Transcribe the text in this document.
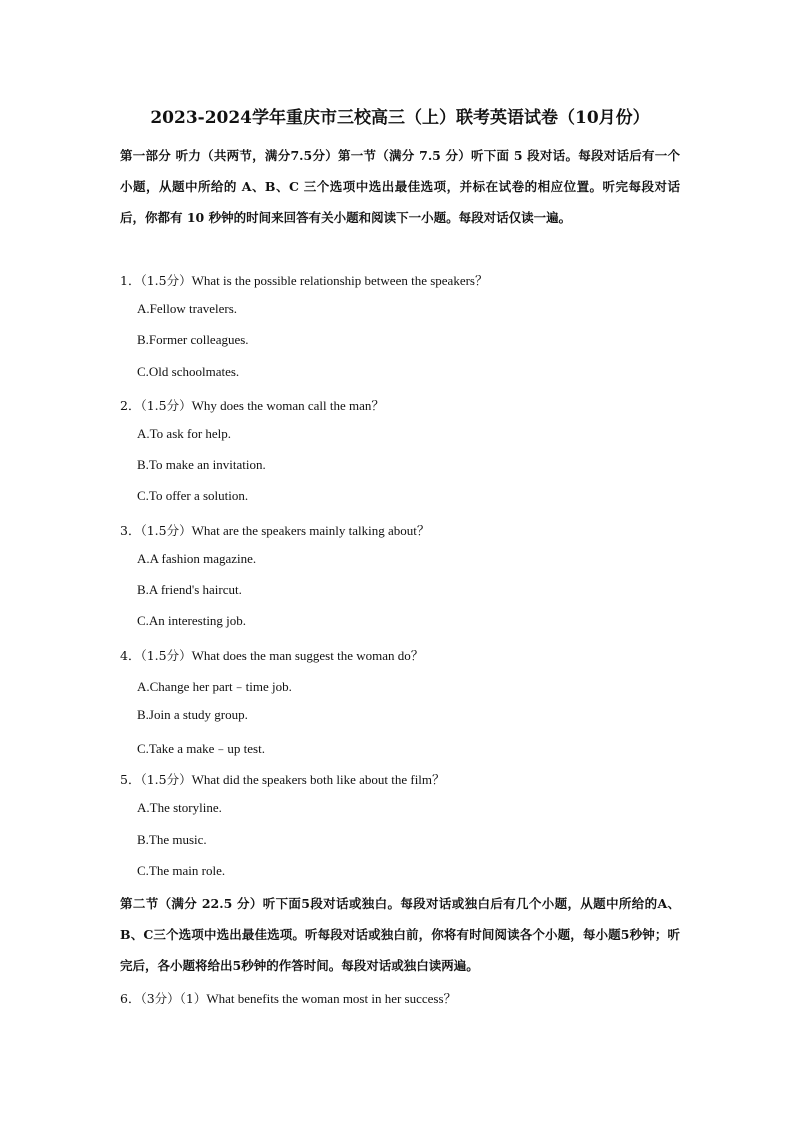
2023-2024学年重庆市三校高三（上）联考英语试卷（10月份）
第一部分 听力（共两节，满分7.5分）第一节（满分 7.5 分）听下面 5 段对话。每段对话后有一个小题，从题中所给的 A、B、C 三个选项中选出最佳选项，并标在试卷的相应位置。听完每段对话后，你都有 10 秒钟的时间来回答有关小题和阅读下一小题。每段对话仅读一遍。
1．（1.5分）What is the possible relationship between the speakers？
A.Fellow travelers.
B.Former colleagues.
C.Old schoolmates.
2．（1.5分）Why does the woman call the man？
A.To ask for help.
B.To make an invitation.
C.To offer a solution.
3．（1.5分）What are the speakers mainly talking about？
A.A fashion magazine.
B.A friend's haircut.
C.An interesting job.
4．（1.5分）What does the man suggest the woman do？
A.Change her part﹣time job.
B.Join a study group.
C.Take a make﹣up test.
5．（1.5分）What did the speakers both like about the film？
A.The storyline.
B.The music.
C.The main role.
第二节（满分 22.5 分）听下面5段对话或独白。每段对话或独白后有几个小题，从题中所给的A、B、C三个选项中选出最佳选项。听每段对话或独白前，你将有时间阅读各个小题，每小题5秒钟；听完后，各小题将给出5秒钟的作答时间。每段对话或独白读两遍。
6．（3分）（1）What benefits the woman most in her success？
